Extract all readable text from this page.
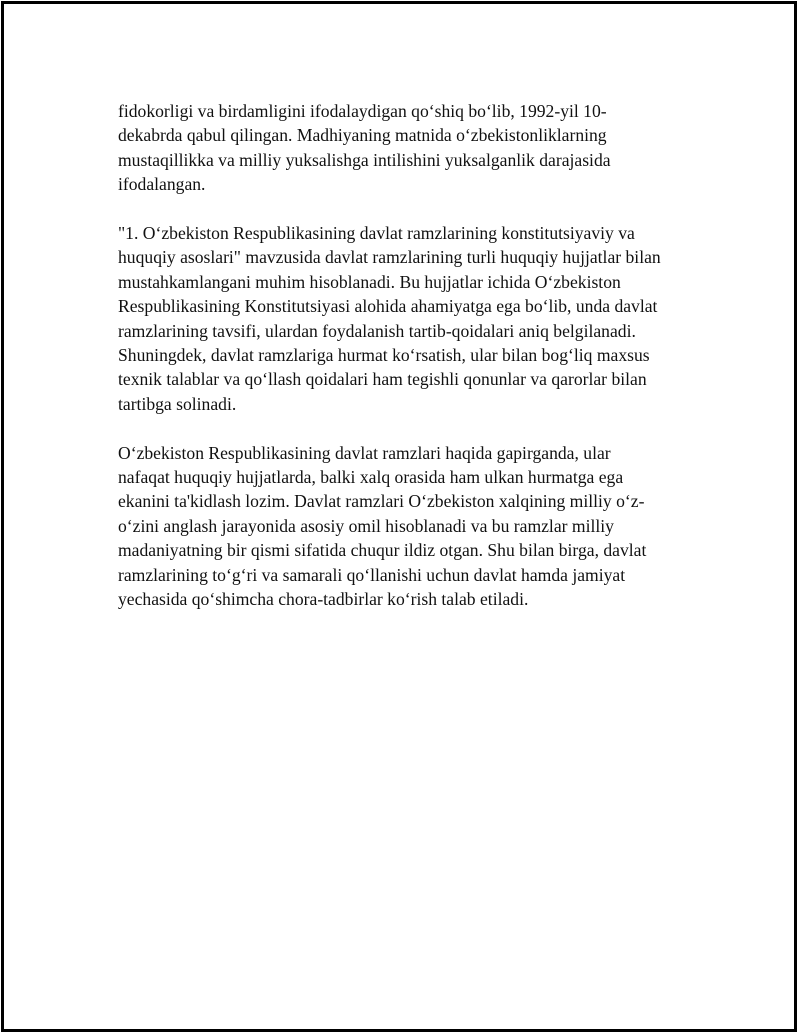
fidokorligi va birdamligini ifodalaydigan qo‘shiq bo‘lib, 1992-yil 10-
dekabrda qabul qilingan. Madhiyaning matnida o‘zbekistonliklarning
mustaqillikka va milliy yuksalishga intilishini yuksalganlik darajasida
ifodalangan.

"1. O‘zbekiston Respublikasining davlat ramzlarining konstitutsiyaviy va
huquqiy asoslari" mavzusida davlat ramzlarining turli huquqiy hujjatlar bilan
mustahkamlangani muhim hisoblanadi. Bu hujjatlar ichida O‘zbekiston
Respublikasining Konstitutsiyasi alohida ahamiyatga ega bo‘lib, unda davlat
ramzlarining tavsifi, ulardan foydalanish tartib-qoidalari aniq belgilanadi.
Shuningdek, davlat ramzlariga hurmat ko‘rsatish, ular bilan bog‘liq maxsus
texnik talablar va qo‘llash qoidalari ham tegishli qonunlar va qarorlar bilan
tartibga solinadi.

O‘zbekiston Respublikasining davlat ramzlari haqida gapirganda, ular
nafaqat huquqiy hujjatlarda, balki xalq orasida ham ulkan hurmatga ega
ekanini ta'kidlash lozim. Davlat ramzlari O‘zbekiston xalqining milliy o‘z-
o‘zini anglash jarayonida asosiy omil hisoblanadi va bu ramzlar milliy
madaniyatning bir qismi sifatida chuqur ildiz otgan. Shu bilan birga, davlat
ramzlarining to‘g‘ri va samarali qo‘llanishi uchun davlat hamda jamiyat
yechasida qo‘shimcha chora-tadbirlar ko‘rish talab etiladi.
